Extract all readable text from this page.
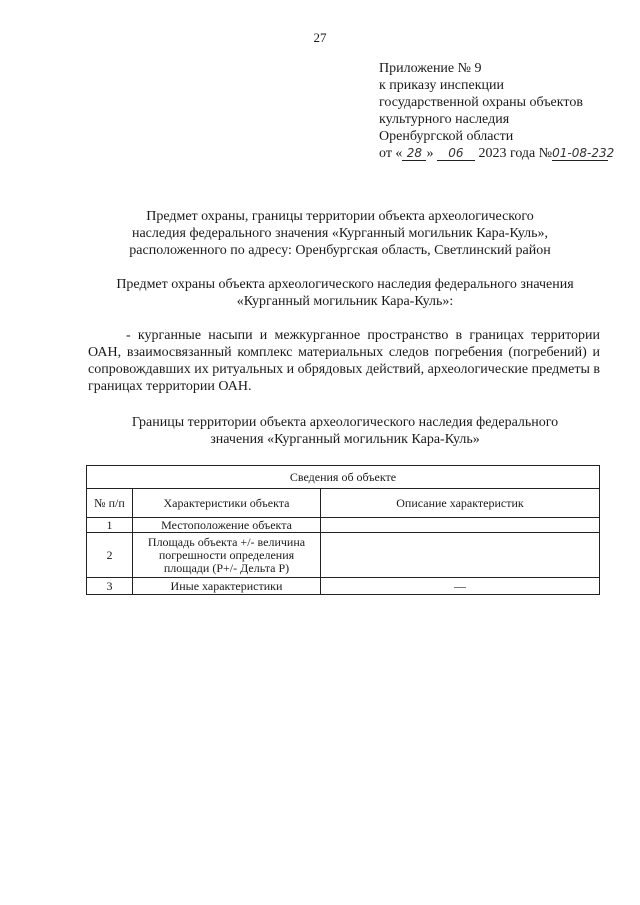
27
Приложение № 9
к приказу инспекции
государственной охраны объектов
культурного наследия
Оренбургской области
от « 28 » 06 2023 года №01-08-232
Предмет охраны, границы территории объекта археологического
наследия федерального значения «Курганный могильник Кара-Куль»,
расположенного по адресу: Оренбургская область, Светлинский район
Предмет охраны объекта археологического наследия федерального значения
«Курганный могильник Кара-Куль»:
- курганные насыпи и межкурганное пространство в границах территории ОАН, взаимосвязанный комплекс материальных следов погребения (погребений) и сопровождавших их ритуальных и обрядовых действий, археологические предметы в границах территории ОАН.
Границы территории объекта археологического наследия федерального
значения «Курганный могильник Кара-Куль»
Сведения об объекте		
№ п/п	Характеристики объекта	Описание характеристик
1	Местоположение объекта	
2	Площадь объекта +/- величина погрешности определения площади (Р+/- Дельта Р)	
3	Иные характеристики	—
